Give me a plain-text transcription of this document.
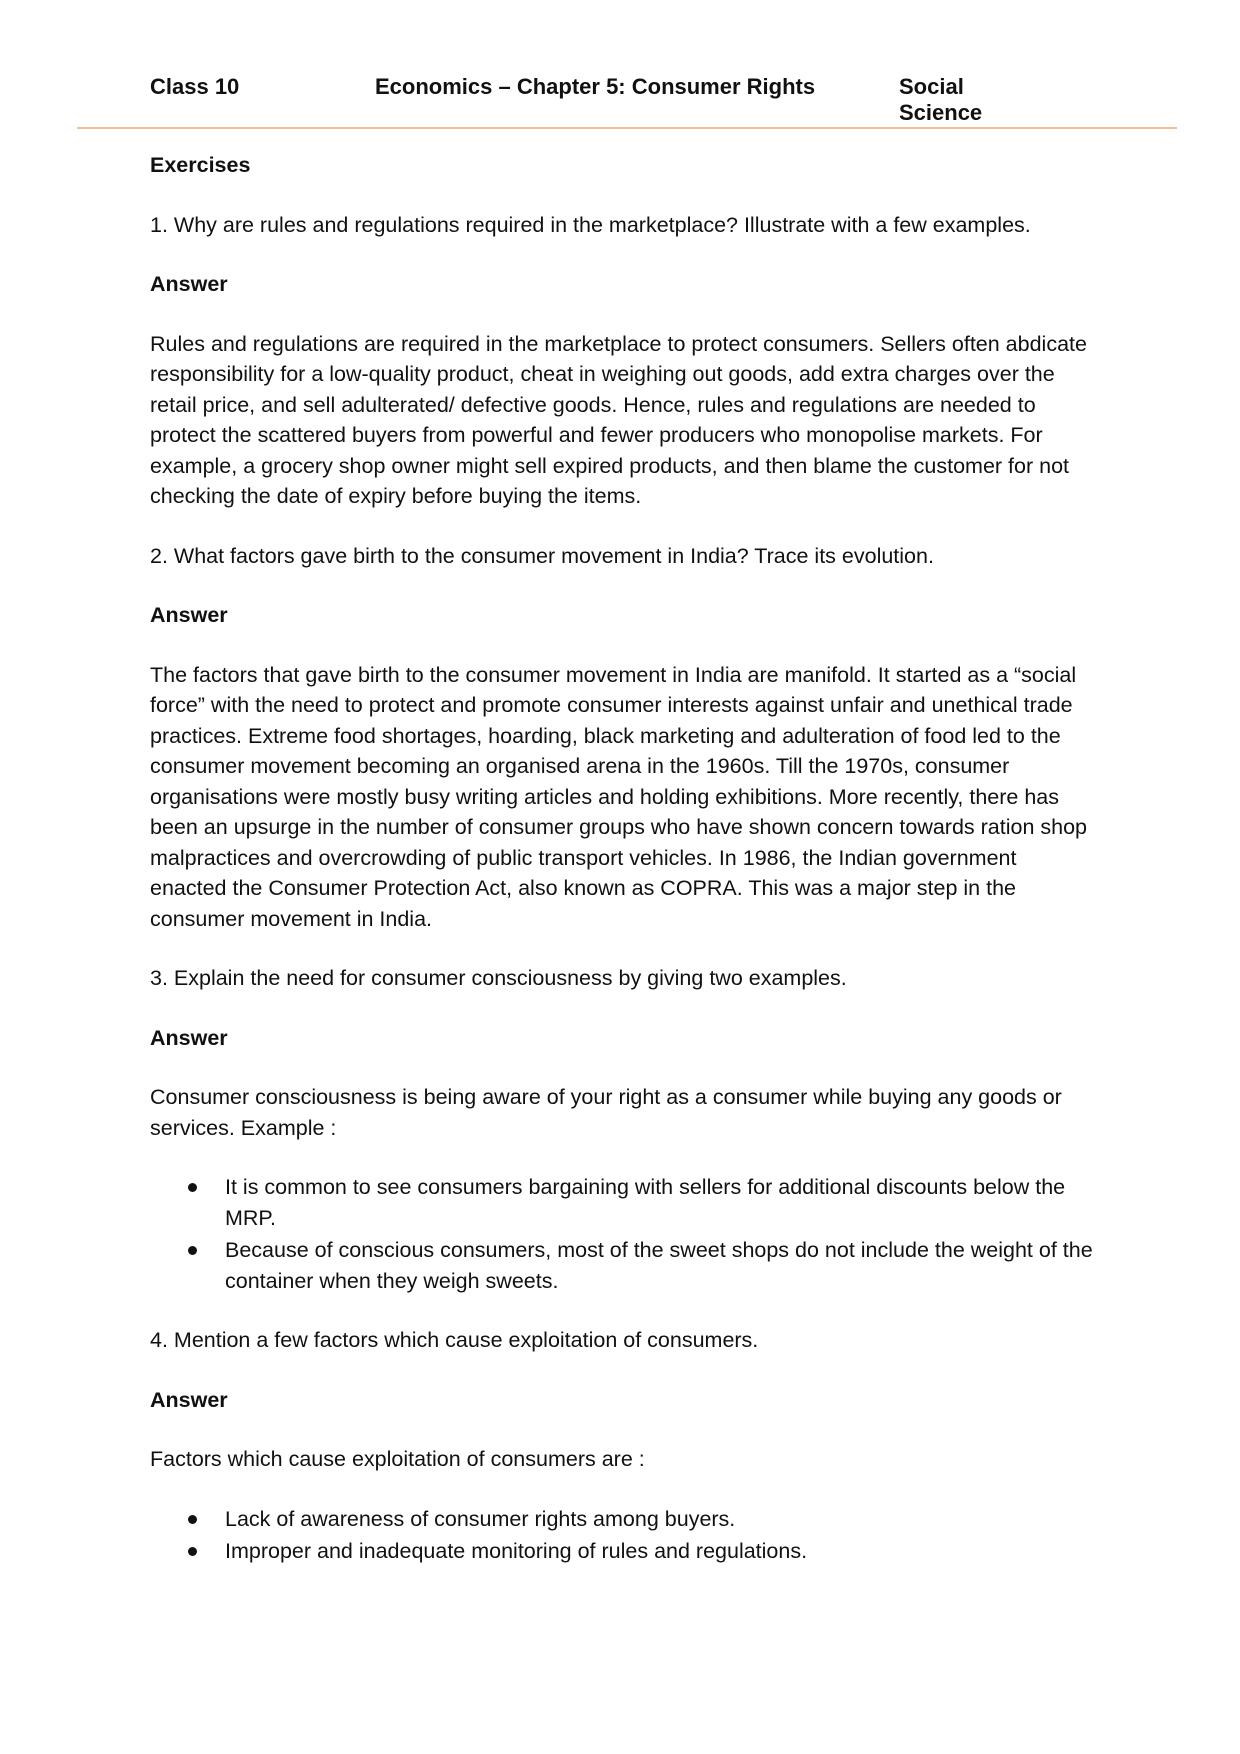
Class 10	Economics – Chapter 5: Consumer Rights	Social Science

Exercises

1. Why are rules and regulations required in the marketplace? Illustrate with a few examples.

Answer

Rules and regulations are required in the marketplace to protect consumers. Sellers often abdicate responsibility for a low-quality product, cheat in weighing out goods, add extra charges over the retail price, and sell adulterated/ defective goods. Hence, rules and regulations are needed to protect the scattered buyers from powerful and fewer producers who monopolise markets. For example, a grocery shop owner might sell expired products, and then blame the customer for not checking the date of expiry before buying the items.

2. What factors gave birth to the consumer movement in India? Trace its evolution.

Answer

The factors that gave birth to the consumer movement in India are manifold. It started as a “social force” with the need to protect and promote consumer interests against unfair and unethical trade practices. Extreme food shortages, hoarding, black marketing and adulteration of food led to the consumer movement becoming an organised arena in the 1960s. Till the 1970s, consumer organisations were mostly busy writing articles and holding exhibitions. More recently, there has been an upsurge in the number of consumer groups who have shown concern towards ration shop malpractices and overcrowding of public transport vehicles. In 1986, the Indian government enacted the Consumer Protection Act, also known as COPRA. This was a major step in the consumer movement in India.

3. Explain the need for consumer consciousness by giving two examples.

Answer

Consumer consciousness is being aware of your right as a consumer while buying any goods or services. Example :

It is common to see consumers bargaining with sellers for additional discounts below the MRP.
Because of conscious consumers, most of the sweet shops do not include the weight of the container when they weigh sweets.

4. Mention a few factors which cause exploitation of consumers.

Answer

Factors which cause exploitation of consumers are :

Lack of awareness of consumer rights among buyers.
Improper and inadequate monitoring of rules and regulations.
